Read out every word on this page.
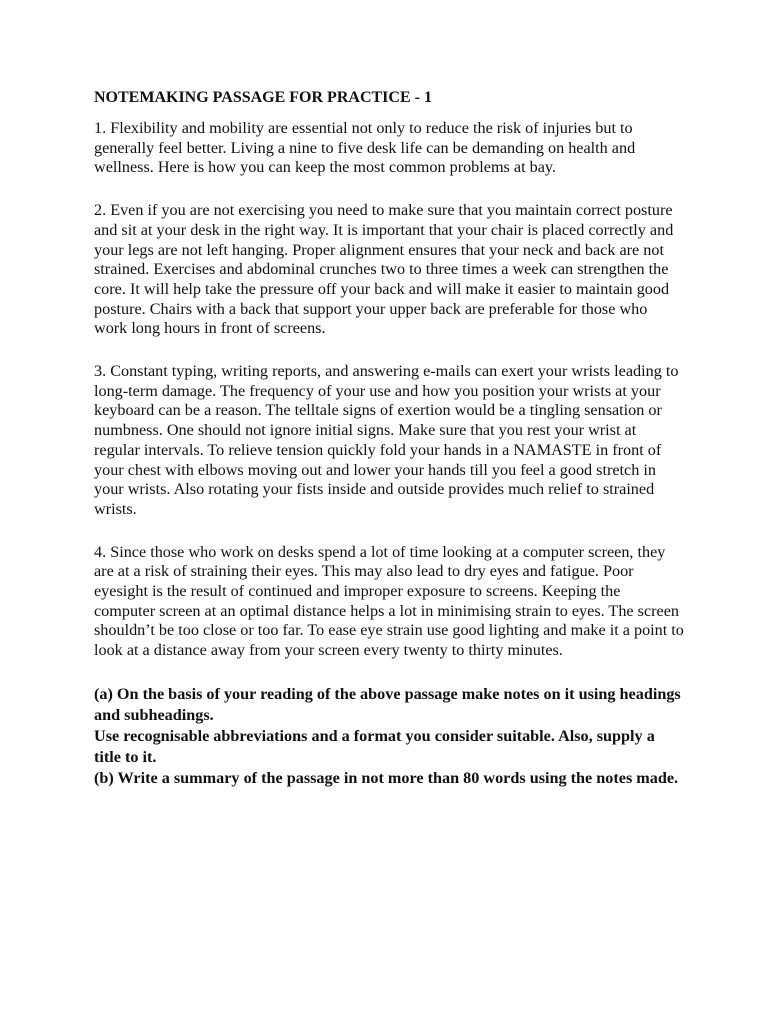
NOTEMAKING PASSAGE FOR PRACTICE - 1

1. Flexibility and mobility are essential not only to reduce the risk of injuries but to generally feel better. Living a nine to five desk life can be demanding on health and wellness. Here is how you can keep the most common problems at bay.

2. Even if you are not exercising you need to make sure that you maintain correct posture and sit at your desk in the right way. It is important that your chair is placed correctly and your legs are not left hanging. Proper alignment ensures that your neck and back are not strained. Exercises and abdominal crunches two to three times a week can strengthen the core. It will help take the pressure off your back and will make it easier to maintain good posture. Chairs with a back that support your upper back are preferable for those who work long hours in front of screens.

3. Constant typing, writing reports, and answering e-mails can exert your wrists leading to long-term damage. The frequency of your use and how you position your wrists at your keyboard can be a reason. The telltale signs of exertion would be a tingling sensation or numbness. One should not ignore initial signs. Make sure that you rest your wrist at regular intervals. To relieve tension quickly fold your hands in a NAMASTE in front of your chest with elbows moving out and lower your hands till you feel a good stretch in your wrists. Also rotating your fists inside and outside provides much relief to strained wrists.

4. Since those who work on desks spend a lot of time looking at a computer screen, they are at a risk of straining their eyes. This may also lead to dry eyes and fatigue. Poor eyesight is the result of continued and improper exposure to screens. Keeping the computer screen at an optimal distance helps a lot in minimising strain to eyes. The screen shouldn’t be too close or too far. To ease eye strain use good lighting and make it a point to look at a distance away from your screen every twenty to thirty minutes.

(a) On the basis of your reading of the above passage make notes on it using headings and subheadings.

Use recognisable abbreviations and a format you consider suitable. Also, supply a title to it.

(b) Write a summary of the passage in not more than 80 words using the notes made.
